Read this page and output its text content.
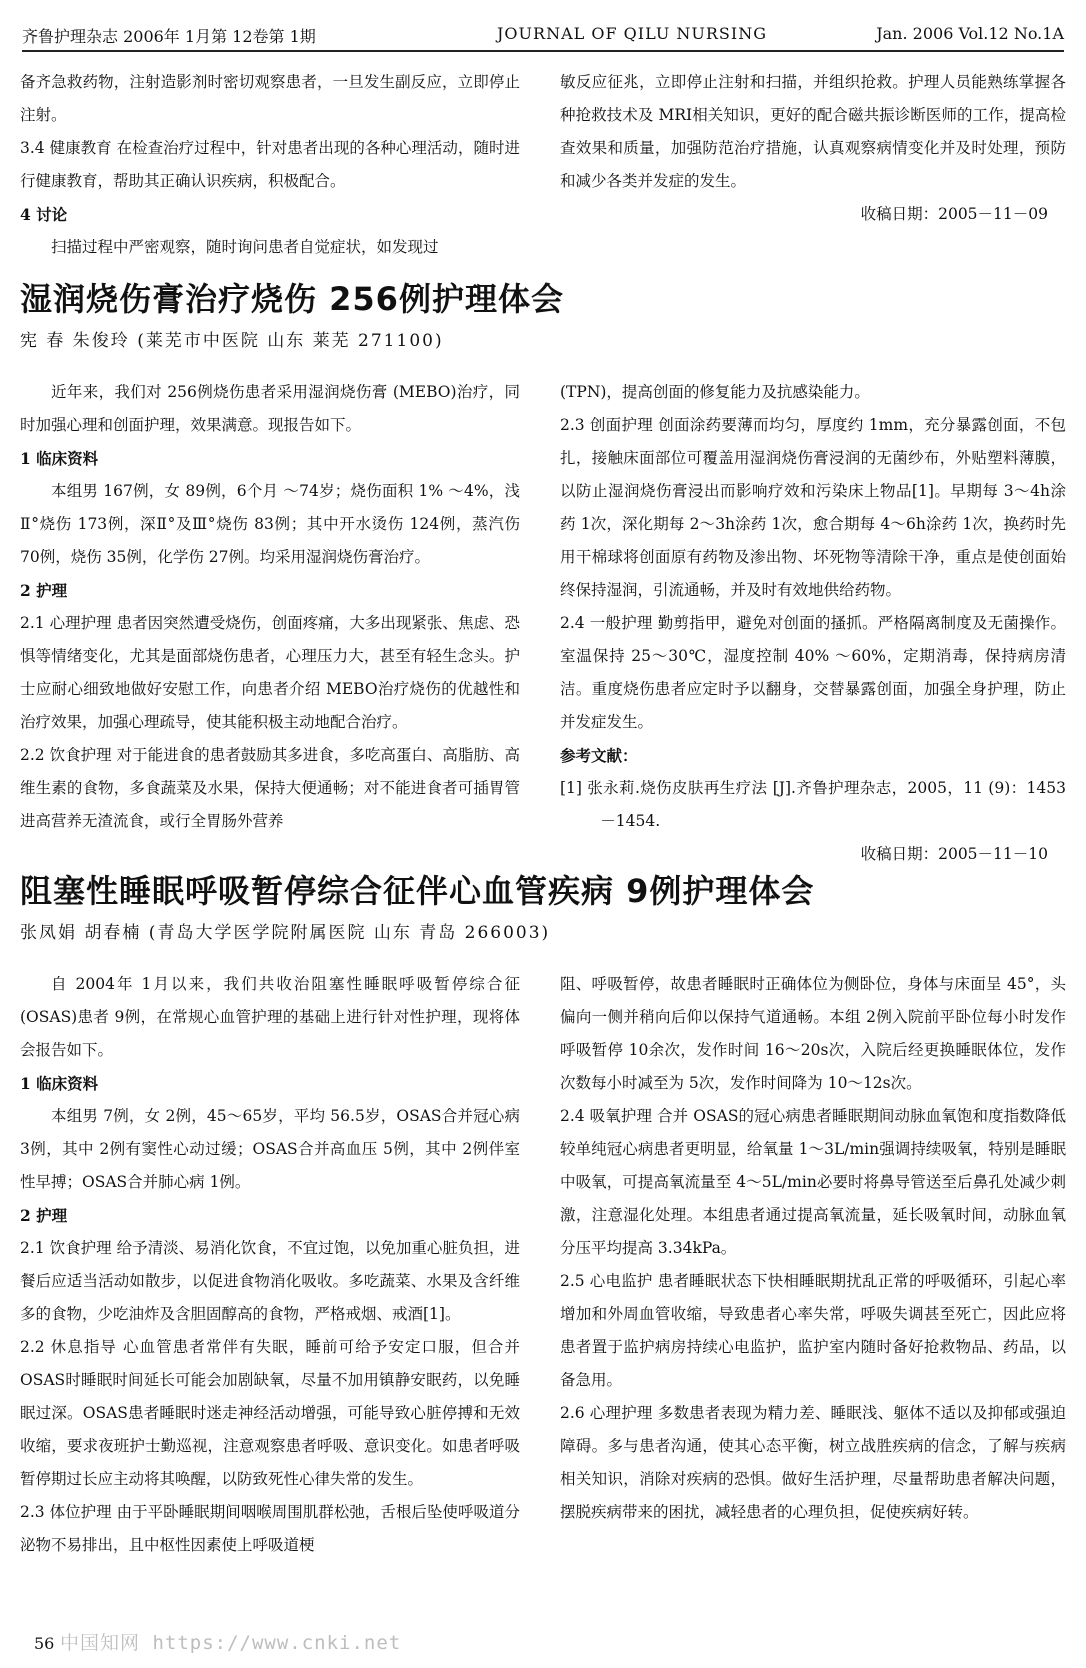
齐鲁护理杂志 2006年 1月第 12卷第 1期	JOURNAL OF QILU NURSING	Jan. 2006 Vol.12 No.1A

备齐急救药物，注射造影剂时密切观察患者，一旦发生副反应，立即停止注射。

3.4 健康教育 在检查治疗过程中，针对患者出现的各种心理活动，随时进行健康教育，帮助其正确认识疾病，积极配合。

4 讨论

扫描过程中严密观察，随时询问患者自觉症状，如发现过

敏反应征兆，立即停止注射和扫描，并组织抢救。护理人员能熟练掌握各种抢救技术及 MRI相关知识，更好的配合磁共振诊断医师的工作，提高检查效果和质量，加强防范治疗措施，认真观察病情变化并及时处理，预防和减少各类并发症的发生。

收稿日期：2005－11－09

湿润烧伤膏治疗烧伤 256例护理体会
宪 春 朱俊玲 (莱芜市中医院 山东 莱芜 271100)

近年来，我们对 256例烧伤患者采用湿润烧伤膏 (MEBO)治疗，同时加强心理和创面护理，效果满意。现报告如下。

1 临床资料

本组男 167例，女 89例，6个月 ～74岁；烧伤面积 1% ～4%，浅Ⅱ°烧伤 173例，深Ⅱ°及Ⅲ°烧伤 83例；其中开水烫伤 124例，蒸汽伤 70例，烧伤 35例，化学伤 27例。均采用湿润烧伤膏治疗。

2 护理

2.1 心理护理 患者因突然遭受烧伤，创面疼痛，大多出现紧张、焦虑、恐惧等情绪变化，尤其是面部烧伤患者，心理压力大，甚至有轻生念头。护士应耐心细致地做好安慰工作，向患者介绍 MEBO治疗烧伤的优越性和治疗效果，加强心理疏导，使其能积极主动地配合治疗。

2.2 饮食护理 对于能进食的患者鼓励其多进食，多吃高蛋白、高脂肪、高维生素的食物，多食蔬菜及水果，保持大便通畅；对不能进食者可插胃管进高营养无渣流食，或行全胃肠外营养

(TPN)，提高创面的修复能力及抗感染能力。

2.3 创面护理 创面涂药要薄而均匀，厚度约 1mm，充分暴露创面，不包扎，接触床面部位可覆盖用湿润烧伤膏浸润的无菌纱布，外贴塑料薄膜，以防止湿润烧伤膏浸出而影响疗效和污染床上物品[1]。早期每 3～4h涂药 1次，深化期每 2～3h涂药 1次，愈合期每 4～6h涂药 1次，换药时先用干棉球将创面原有药物及渗出物、坏死物等清除干净，重点是使创面始终保持湿润，引流通畅，并及时有效地供给药物。

2.4 一般护理 勤剪指甲，避免对创面的搔抓。严格隔离制度及无菌操作。室温保持 25～30℃，湿度控制 40% ～60%，定期消毒，保持病房清洁。重度烧伤患者应定时予以翻身，交替暴露创面，加强全身护理，防止并发症发生。

参考文献：

[1] 张永莉.烧伤皮肤再生疗法 [J].齐鲁护理杂志，2005，11 (9)：1453－1454.

收稿日期：2005－11－10

阻塞性睡眠呼吸暂停综合征伴心血管疾病 9例护理体会
张凤娟 胡春楠 (青岛大学医学院附属医院 山东 青岛 266003)

自 2004年 1月以来，我们共收治阻塞性睡眠呼吸暂停综合征 (OSAS)患者 9例，在常规心血管护理的基础上进行针对性护理，现将体会报告如下。

1 临床资料

本组男 7例，女 2例，45～65岁，平均 56.5岁，OSAS合并冠心病 3例，其中 2例有窦性心动过缓；OSAS合并高血压 5例，其中 2例伴室性早搏；OSAS合并肺心病 1例。

2 护理

2.1 饮食护理 给予清淡、易消化饮食，不宜过饱，以免加重心脏负担，进餐后应适当活动如散步，以促进食物消化吸收。多吃蔬菜、水果及含纤维多的食物，少吃油炸及含胆固醇高的食物，严格戒烟、戒酒[1]。

2.2 休息指导 心血管患者常伴有失眠，睡前可给予安定口服，但合并 OSAS时睡眠时间延长可能会加剧缺氧，尽量不加用镇静安眠药，以免睡眠过深。OSAS患者睡眠时迷走神经活动增强，可能导致心脏停搏和无效收缩，要求夜班护士勤巡视，注意观察患者呼吸、意识变化。如患者呼吸暂停期过长应主动将其唤醒，以防致死性心律失常的发生。

2.3 体位护理 由于平卧睡眠期间咽喉周围肌群松弛，舌根后坠使呼吸道分泌物不易排出，且中枢性因素使上呼吸道梗

阻、呼吸暂停，故患者睡眠时正确体位为侧卧位，身体与床面呈 45°，头偏向一侧并稍向后仰以保持气道通畅。本组 2例入院前平卧位每小时发作呼吸暂停 10余次，发作时间 16～20s次，入院后经更换睡眠体位，发作次数每小时减至为 5次，发作时间降为 10～12s次。

2.4 吸氧护理 合并 OSAS的冠心病患者睡眠期间动脉血氧饱和度指数降低较单纯冠心病患者更明显，给氧量 1～3L/min强调持续吸氧，特别是睡眠中吸氧，可提高氧流量至 4～5L/min必要时将鼻导管送至后鼻孔处减少刺激，注意湿化处理。本组患者通过提高氧流量，延长吸氧时间，动脉血氧分压平均提高 3.34kPa。

2.5 心电监护 患者睡眠状态下快相睡眠期扰乱正常的呼吸循环，引起心率增加和外周血管收缩，导致患者心率失常，呼吸失调甚至死亡，因此应将患者置于监护病房持续心电监护，监护室内随时备好抢救物品、药品，以备急用。

2.6 心理护理 多数患者表现为精力差、睡眠浅、躯体不适以及抑郁或强迫障碍。多与患者沟通，使其心态平衡，树立战胜疾病的信念，了解与疾病相关知识，消除对疾病的恐惧。做好生活护理，尽量帮助患者解决问题，摆脱疾病带来的困扰，减轻患者的心理负担，促使疾病好转。

中国知网 https://www.cnki.net
56
